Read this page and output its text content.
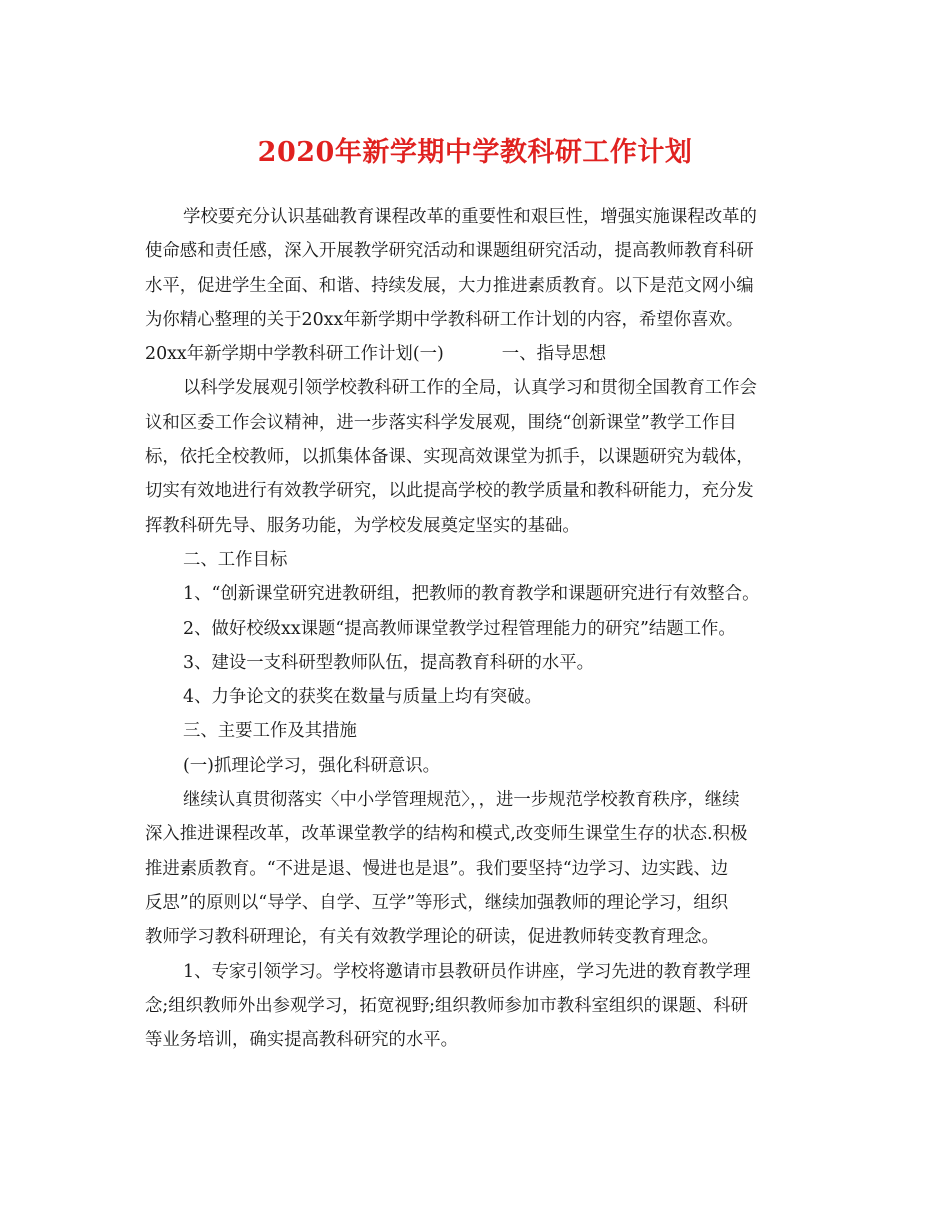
2020年新学期中学教科研工作计划
学校要充分认识基础教育课程改革的重要性和艰巨性，增强实施课程改革的
使命感和责任感，深入开展教学研究活动和课题组研究活动，提高教师教育科研
水平，促进学生全面、和谐、持续发展，大力推进素质教育。以下是范文网小编
为你精心整理的关于20xx年新学期中学教科研工作计划的内容，希望你喜欢。
20xx年新学期中学教科研工作计划(一)	一、指导思想
以科学发展观引领学校教科研工作的全局，认真学习和贯彻全国教育工作会
议和区委工作会议精神，进一步落实科学发展观，围绕“创新课堂”教学工作目
标，依托全校教师，以抓集体备课、实现高效课堂为抓手，以课题研究为载体，
切实有效地进行有效教学研究，以此提高学校的教学质量和教科研能力，充分发
挥教科研先导、服务功能，为学校发展奠定坚实的基础。
二、工作目标
1、“创新课堂研究进教研组，把教师的教育教学和课题研究进行有效整合。
2、做好校级xx课题“提高教师课堂教学过程管理能力的研究”结题工作。
3、建设一支科研型教师队伍，提高教育科研的水平。
4、力争论文的获奖在数量与质量上均有突破。
三、主要工作及其措施
(一)抓理论学习，强化科研意识。
继续认真贯彻落实〈中小学管理规范〉，，进一步规范学校教育秩序，继续
深入推进课程改革，改革课堂教学的结构和模式,改变师生课堂生存的状态.积极
推进素质教育。“不进是退、慢进也是退”。我们要坚持“边学习、边实践、边
反思”的原则以“导学、自学、互学”等形式，继续加强教师的理论学习，组织
教师学习教科研理论，有关有效教学理论的研读，促进教师转变教育理念。
1、专家引领学习。学校将邀请市县教研员作讲座，学习先进的教育教学理
念;组织教师外出参观学习，拓宽视野;组织教师参加市教科室组织的课题、科研
等业务培训，确实提高教科研究的水平。
